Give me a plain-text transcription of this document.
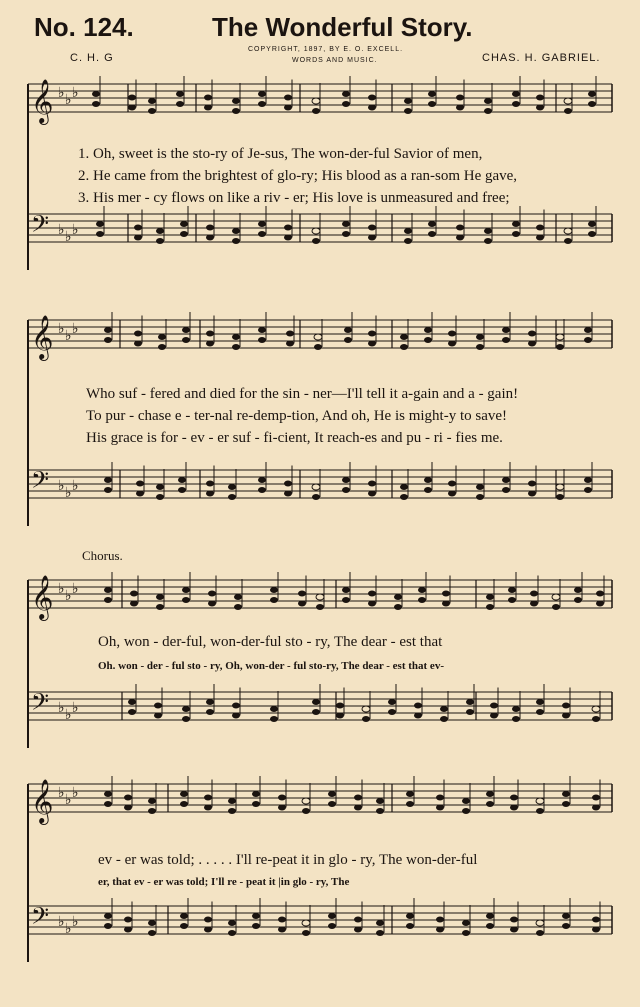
No. 124.	The Wonderful Story.
COPYRIGHT, 1897, BY E. O. EXCELL.
WORDS AND MUSIC.
C. H. G	CHAS. H. GABRIEL.
𝄞 ♭ ♭ ♭
𝄢 ♭ ♭ ♭
𝄞 ♭ ♭ ♭
𝄢 ♭ ♭ ♭
𝄞 ♭ ♭ ♭
𝄢 ♭ ♭ ♭
𝄞 ♭ ♭ ♭
𝄢 ♭ ♭ ♭
1. Oh, sweet is the sto-ry of Je-sus, The won-der-ful Savior of men,
2. He came from the brightest of glo-ry; His blood as a ran-som He gave,
3. His mer - cy flows on like a riv - er; His love is unmeasured and free;
Who suf - fered and died for the sin - ner—I'll tell it a-gain and a - gain!
To pur - chase e - ter-nal re-demp-tion, And oh, He is might-y to save!
His grace is for - ev - er suf - fi-cient, It reach-es and pu - ri - fies me.
Chorus.
Oh, won - der-ful, won-der-ful sto - ry, The dear - est that
Oh. won - der - ful sto - ry, Oh, won-der - ful sto-ry, The dear - est that ev-
ev - er was told; . . . . . I'll re-peat it in glo - ry, The won-der-ful
er, that ev - er was told; I'll re - peat it |in glo - ry, The
